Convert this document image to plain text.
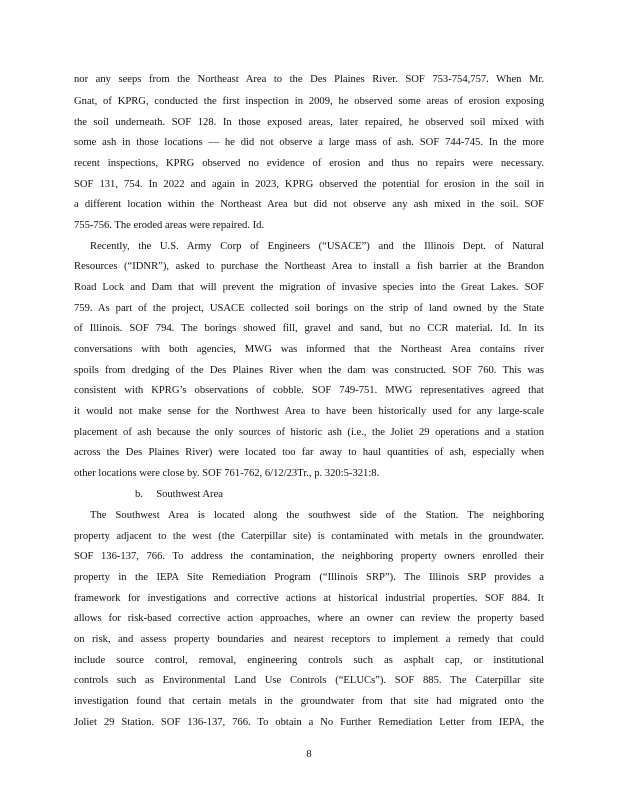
nor any seeps from the Northeast Area to the Des Plaines River. SOF 753-754,757. When Mr.
Gnat, of KPRG, conducted the first inspection in 2009, he observed some areas of erosion exposing
the soil underneath. SOF 128. In those exposed areas, later repaired, he observed soil mixed with
some ash in those locations — he did not observe a large mass of ash. SOF 744-745. In the more
recent inspections, KPRG observed no evidence of erosion and thus no repairs were necessary.
SOF 131, 754. In 2022 and again in 2023, KPRG observed the potential for erosion in the soil in
a different location within the Northeast Area but did not observe any ash mixed in the soil. SOF
755-756. The eroded areas were repaired. Id.
Recently, the U.S. Army Corp of Engineers (“USACE”) and the Illinois Dept. of Natural
Resources (“IDNR”), asked to purchase the Northeast Area to install a fish barrier at the Brandon
Road Lock and Dam that will prevent the migration of invasive species into the Great Lakes. SOF
759. As part of the project, USACE collected soil borings on the strip of land owned by the State
of Illinois. SOF 794. The borings showed fill, gravel and sand, but no CCR material. Id. In its
conversations with both agencies, MWG was informed that the Northeast Area contains river
spoils from dredging of the Des Plaines River when the dam was constructed. SOF 760. This was
consistent with KPRG’s observations of cobble. SOF 749-751. MWG representatives agreed that
it would not make sense for the Northwest Area to have been historically used for any large-scale
placement of ash because the only sources of historic ash (i.e., the Joliet 29 operations and a station
across the Des Plaines River) were located too far away to haul quantities of ash, especially when
other locations were close by. SOF 761-762, 6/12/23Tr., p. 320:5-321:8.
b.     Southwest Area
The Southwest Area is located along the southwest side of the Station. The neighboring
property adjacent to the west (the Caterpillar site) is contaminated with metals in the groundwater.
SOF 136-137, 766. To address the contamination, the neighboring property owners enrolled their
property in the IEPA Site Remediation Program (“Illinois SRP”). The Illinois SRP provides a
framework for investigations and corrective actions at historical industrial properties. SOF 884. It
allows for risk-based corrective action approaches, where an owner can review the property based
on risk, and assess property boundaries and nearest receptors to implement a remedy that could
include source control, removal, engineering controls such as asphalt cap, or institutional
controls such as Environmental Land Use Controls (“ELUCs”). SOF 885. The Caterpillar site
investigation found that certain metals in the groundwater from that site had migrated onto the
Joliet 29 Station. SOF 136-137, 766. To obtain a No Further Remediation Letter from IEPA, the
8
